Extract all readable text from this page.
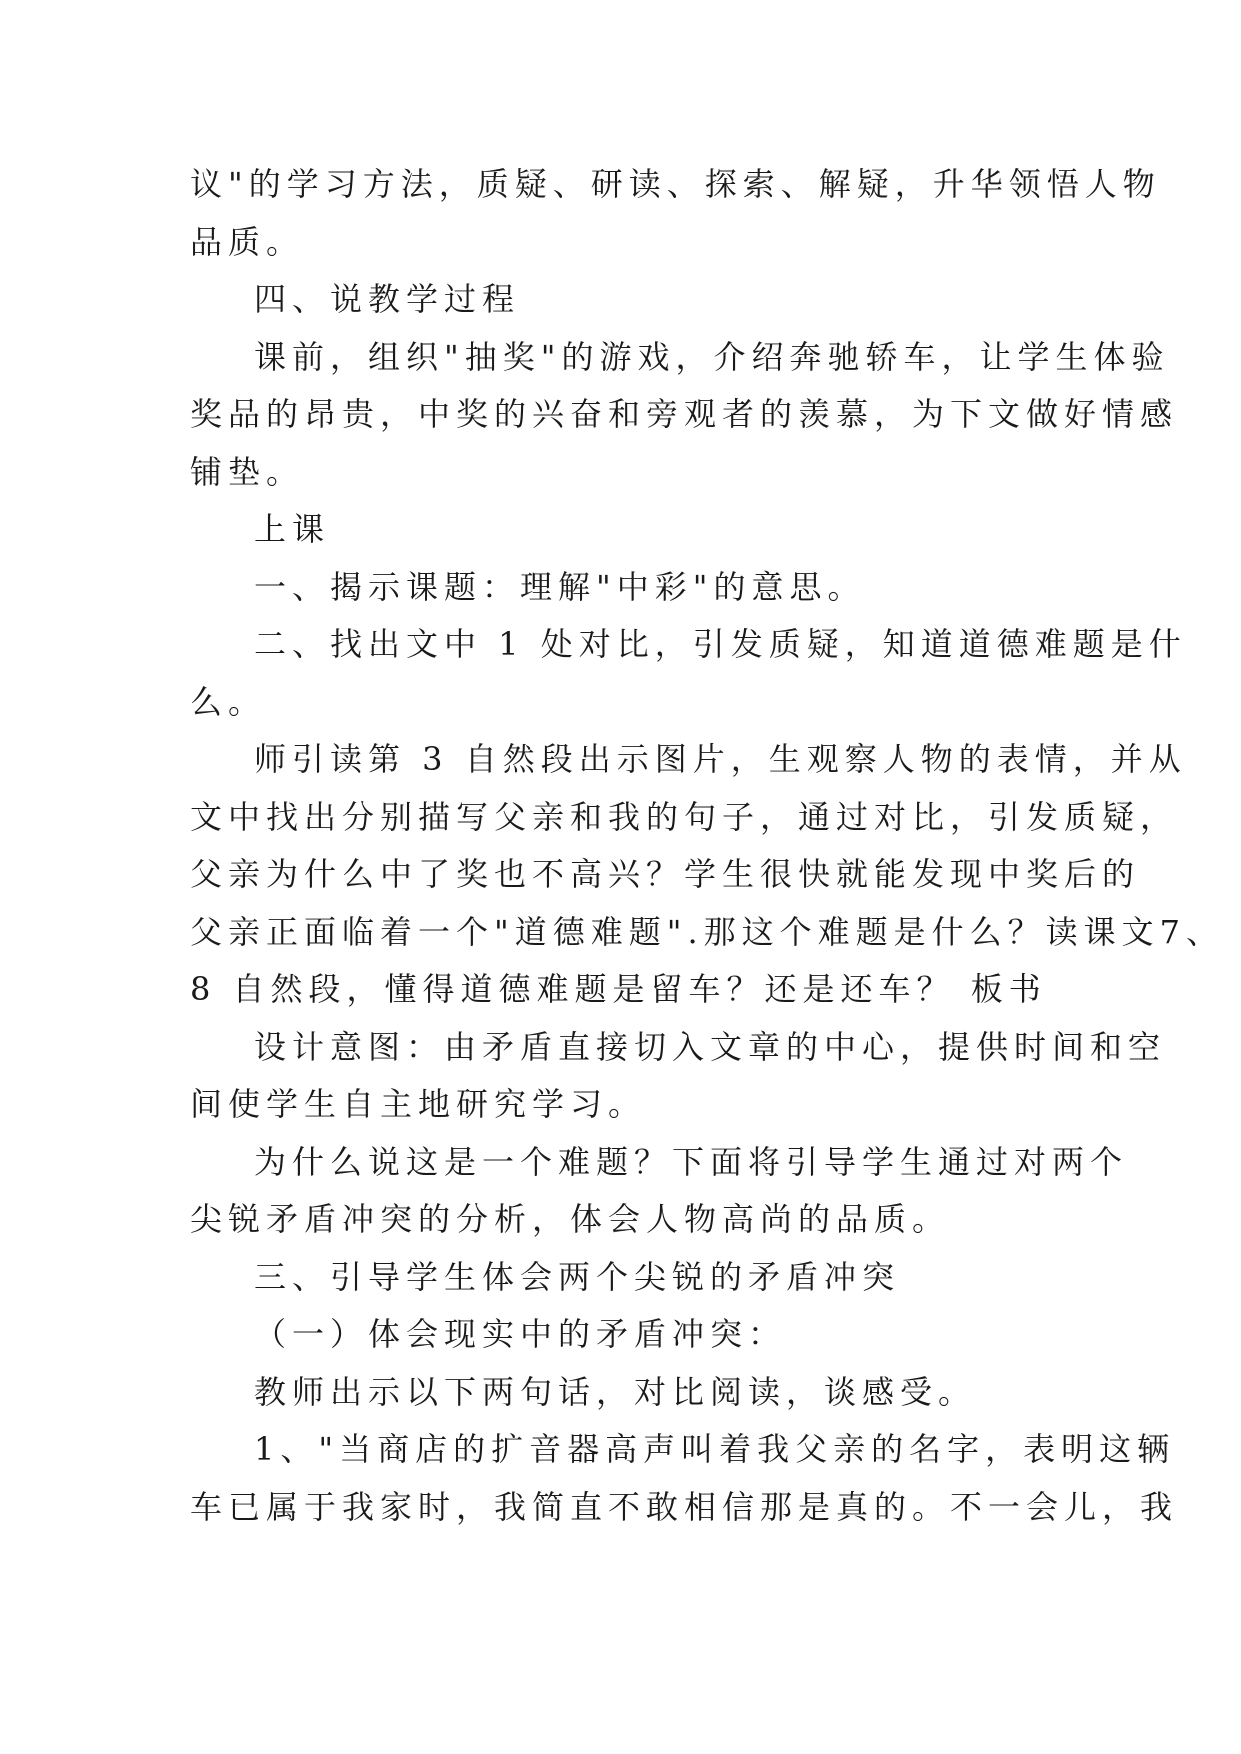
议"的学习方法，质疑、研读、探索、解疑，升华领悟人物
品质。
四、说教学过程
课前，组织"抽奖"的游戏，介绍奔驰轿车，让学生体验
奖品的昂贵，中奖的兴奋和旁观者的羡慕，为下文做好情感
铺垫。
上课
一、揭示课题：理解"中彩"的意思。
二、找出文中 1 处对比，引发质疑，知道道德难题是什
么。
师引读第 3 自然段出示图片，生观察人物的表情，并从
文中找出分别描写父亲和我的句子，通过对比，引发质疑，
父亲为什么中了奖也不高兴？学生很快就能发现中奖后的
父亲正面临着一个"道德难题".那这个难题是什么？读课文7、
8 自然段，懂得道德难题是留车？还是还车？ 板书
设计意图：由矛盾直接切入文章的中心，提供时间和空
间使学生自主地研究学习。
为什么说这是一个难题？下面将引导学生通过对两个
尖锐矛盾冲突的分析，体会人物高尚的品质。
三、引导学生体会两个尖锐的矛盾冲突
（一）体会现实中的矛盾冲突：
教师出示以下两句话，对比阅读，谈感受。
1、"当商店的扩音器高声叫着我父亲的名字，表明这辆
车已属于我家时，我简直不敢相信那是真的。不一会儿，我
